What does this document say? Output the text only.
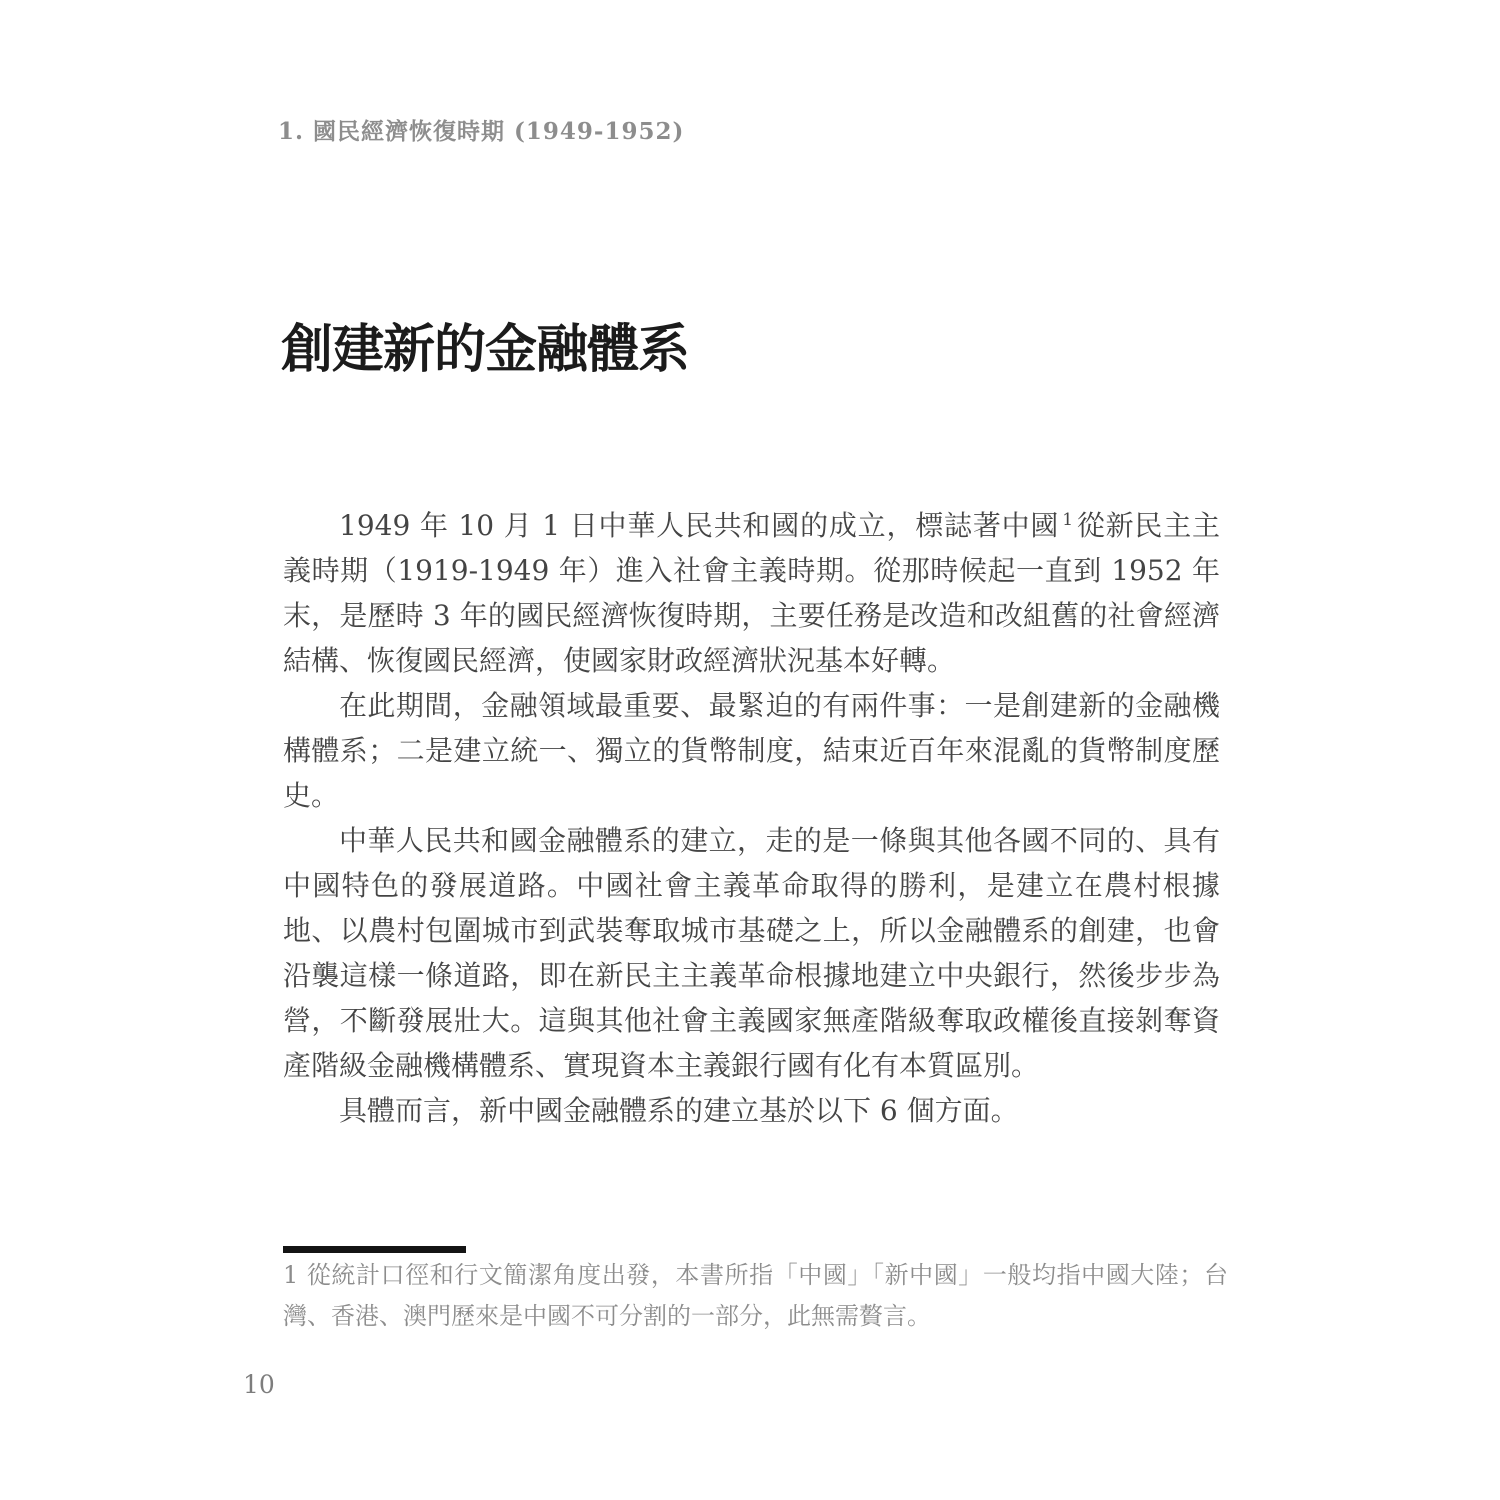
1. 國民經濟恢復時期 (1949-1952)
創建新的金融體系

1949 年 10 月 1 日中華人民共和國的成立，標誌著中國 $^1$ 從新民主主義時期（1919-1949 年）進入社會主義時期。從那時候起一直到 1952 年末，是歷時 3 年的國民經濟恢復時期，主要任務是改造和改組舊的社會經濟結構、恢復國民經濟，使國家財政經濟狀況基本好轉。

在此期間，金融領域最重要、最緊迫的有兩件事：一是創建新的金融機構體系；二是建立統一、獨立的貨幣制度，結束近百年來混亂的貨幣制度歷史。

中華人民共和國金融體系的建立，走的是一條與其他各國不同的、具有中國特色的發展道路。中國社會主義革命取得的勝利，是建立在農村根據地、以農村包圍城市到武裝奪取城市基礎之上，所以金融體系的創建，也會沿襲這樣一條道路，即在新民主主義革命根據地建立中央銀行，然後步步為營，不斷發展壯大。這與其他社會主義國家無產階級奪取政權後直接剝奪資產階級金融機構體系、實現資本主義銀行國有化有本質區別。

具體而言，新中國金融體系的建立基於以下 6 個方面。

1 從統計口徑和行文簡潔角度出發，本書所指「中國」「新中國」一般均指中國大陸；台灣、香港、澳門歷來是中國不可分割的一部分，此無需贅言。
10
